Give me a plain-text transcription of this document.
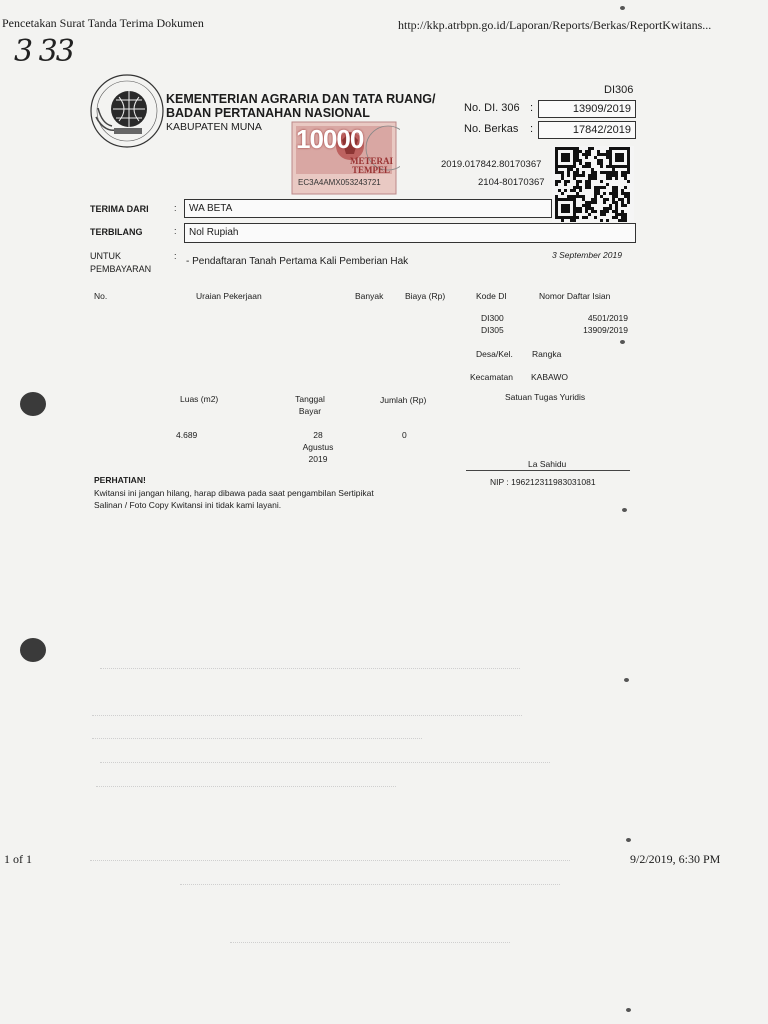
Pencetakan Surat Tanda Terima Dokumen	http://kkp.atrbpn.go.id/Laporan/Reports/Berkas/ReportKwitans...
3 33
KEMENTERIAN AGRARIA DAN TATA RUANG/
BADAN PERTANAHAN NASIONAL
KABUPATEN MUNA
DI306
No. DI. 306 :	13909/2019
No. Berkas :	17842/2019
10000
METERAI
TEMPEL
EC3A4AMX053243721
2019.017842.80170367
2104-80170367
TERIMA DARI	:	WA BETA
TERBILANG	:	Nol Rupiah
UNTUK
PEMBAYARAN
: - Pendaftaran Tanah Pertama Kali Pemberian Hak
3 September 2019
No.	Uraian Pekerjaan	Banyak	Biaya (Rp)	Kode DI	Nomor Daftar Isian
DI300	4501/2019
DI305	13909/2019
Desa/Kel. Rangka
Kecamatan KABAWO
Satuan Tugas Yuridis
Luas (m2)	Tanggal
Bayar
Jumlah (Rp)
4.689	28
Agustus
2019
0
La Sahidu
NIP : 196212311983031081
PERHATIAN!
Kwitansi ini jangan hilang, harap dibawa pada saat pengambilan Sertipikat
Salinan / Foto Copy Kwitansi ini tidak kami layani.
1 of 1	9/2/2019, 6:30 PM
